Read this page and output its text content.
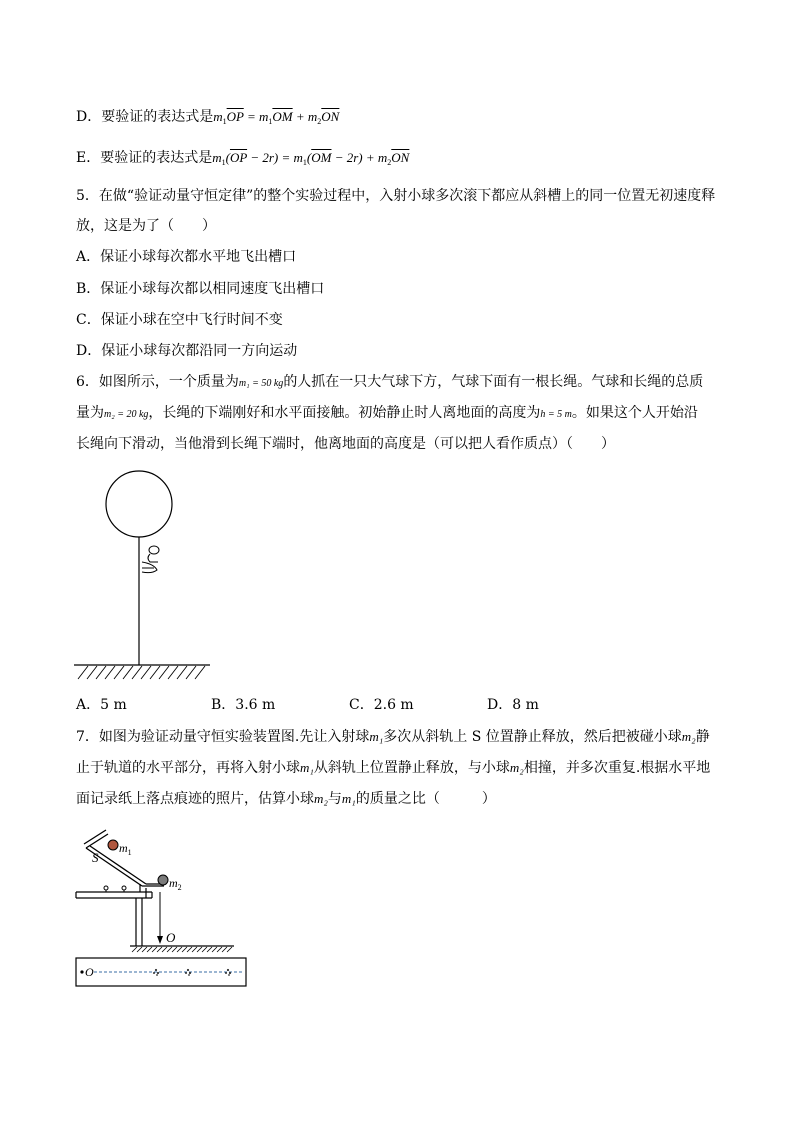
D．要验证的表达式是$m_1\overline{OP} = m_1\overline{OM} + m_2\overline{ON}$
E．要验证的表达式是$m_1(\overline{OP} - 2r) = m_1(\overline{OM} - 2r) + m_2\overline{ON}$
5．在做“验证动量守恒定律”的整个实验过程中，入射小球多次滚下都应从斜槽上的同一位置无初速度释
放，这是为了（　　）
A．保证小球每次都水平地飞出槽口
B．保证小球每次都以相同速度飞出槽口
C．保证小球在空中飞行时间不变
D．保证小球每次都沿同一方向运动
6．如图所示，一个质量为m₁ = 50 kg的人抓在一只大气球下方，气球下面有一根长绳。气球和长绳的总质
量为m₂ = 20 kg，长绳的下端刚好和水平面接触。初始静止时人离地面的高度为h = 5 m。如果这个人开始沿
长绳向下滑动，当他滑到长绳下端时，他离地面的高度是（可以把人看作质点）（　　）
A．5 m	B．3.6 m	C．2.6 m	D．8 m
7．如图为验证动量守恒实验装置图.先让入射球m₁多次从斜轨上 S 位置静止释放，然后把被碰小球m₂静
止于轨道的水平部分，再将入射小球m₁从斜轨上位置静止释放，与小球m₂相撞，并多次重复.根据水平地
面记录纸上落点痕迹的照片，估算小球m₂与m₁的质量之比（　　　）
S
$m_1$
$m_2$
O
O
